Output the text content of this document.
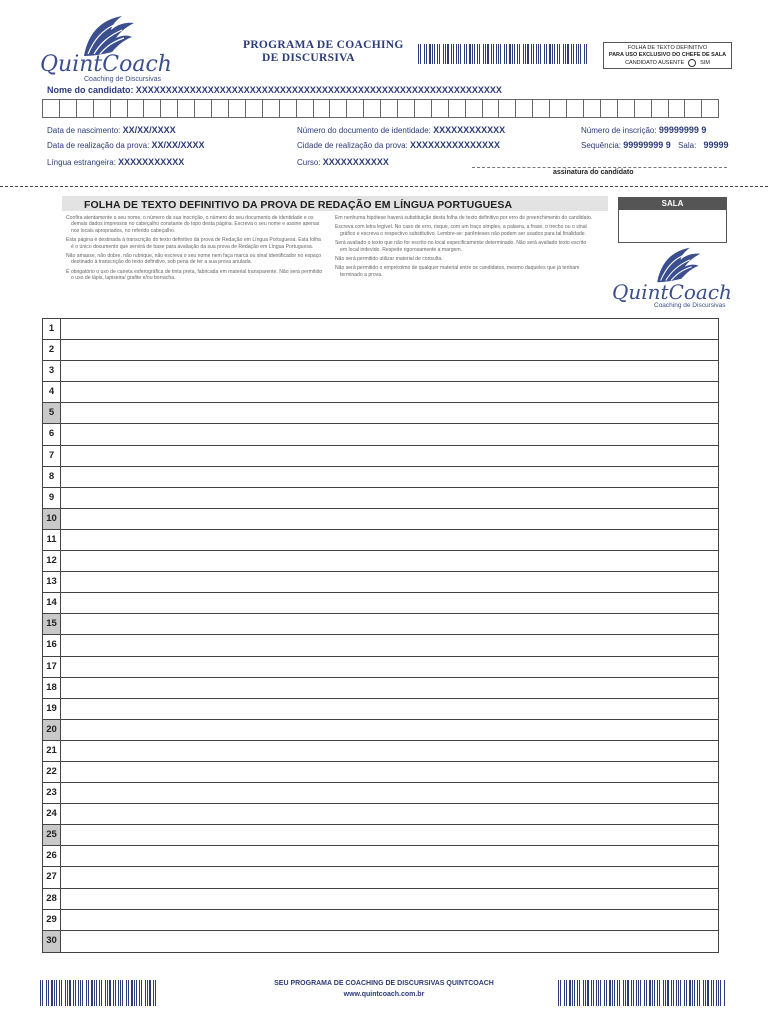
QuintCoach
Coaching de Discursivas
PROGRAMA DE COACHING
DE DISCURSIVA
FOLHA DE TEXTO DEFINITIVO
PARA USO EXCLUSIVO DO CHEFE DE SALA
CANDIDATO AUSENTE	SIM
Nome do candidato: XXXXXXXXXXXXXXXXXXXXXXXXXXXXXXXXXXXXXXXXXXXXXXXXXXXXXXXXXXXXX
Data de nascimento: XX/XX/XXXX	Número do documento de identidade: XXXXXXXXXXXX	Número de inscrição: 99999999 9
Data de realização da prova: XX/XX/XXXX	Cidade de realização da prova: XXXXXXXXXXXXXXX	Sequência: 99999999 9 Sala: 99999
Língua estrangeira: XXXXXXXXXXX	Curso: XXXXXXXXXXX
assinatura do candidato
FOLHA DE TEXTO DEFINITIVO DA PROVA DE REDAÇÃO EM LÍNGUA PORTUGUESA	SALA

Confira atentamente o seu nome, o número da sua inscrição, o número do seu documento de identidade e os demais dados impressos no cabeçalho constante do topo desta página. Escreva o seu nome e assine apenas nos locais apropriados, no referido cabeçalho.

Esta página é destinada à transcrição do texto definitivo da prova de Redação em Língua Portuguesa. Esta folha é o único documento que servirá de base para avaliação da sua prova de Redação em Língua Portuguesa.

Não amasse, não dobre, não rubrique, não escreva o seu nome nem faça marca ou sinal identificador no espaço destinado à transcrição do texto definitivo, sob pena de ter a sua prova anulada.

É obrigatório o uso de caneta esferográfica de tinta preta, fabricada em material transparente. Não será permitido o uso de lápis, lapiseira/ grafite e/ou borracha.

Em nenhuma hipótese haverá substituição desta folha de texto definitivo por erro de preenchimento do candidato.

Escreva com letra legível. No caso de erro, risque, com um traço simples, a palavra, a frase, o trecho ou o sinal gráfico e escreva o respectivo substitutivo. Lembre-se: parênteses não podem ser usados para tal finalidade.

Será avaliado o texto que não for escrito no local especificamente determinado. Não será avaliado texto escrito em local indevido. Respeite rigorosamente a margem.

Não será permitido utilizar material de consulta.

Não será permitido o empréstimo de qualquer material entre os candidatos, mesmo daqueles que já tenham terminado a prova.

QuintCoach
Coaching de Discursivas
1
2
3
4
5
6
7
8
9
10
11
12
13
14
15
16
17
18
19
20
21
22
23
24
25
26
27
28
29
30
SEU PROGRAMA DE COACHING DE DISCURSIVAS QUINTCOACH
www.quintcoach.com.br
